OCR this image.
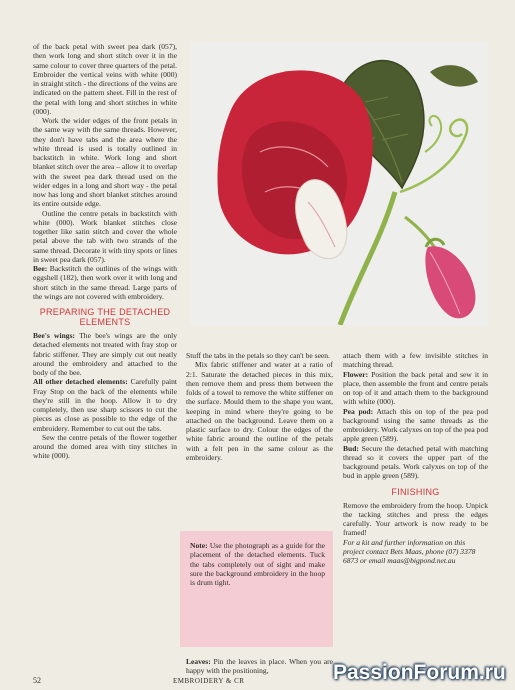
of the back petal with sweet pea dark (057), then work long and short stitch over it in the same colour to cover three quarters of the petal. Embroider the vertical veins with white (000) in straight stitch - the directions of the veins are indicated on the pattern sheet. Fill in the rest of the petal with long and short stitches in white (000).

Work the wider edges of the front petals in the same way with the same threads. However, they don't have tabs and the area where the white thread is used is totally outlined in backstitch in white. Work long and short blanket stitch over the area – allow it to overlap with the sweet pea dark thread used on the wider edges in a long and short way - the petal now has long and short blanket stitches around its entire outside edge.

Outline the centre petals in backstitch with white (000). Work blanket stitches close together like satin stitch and cover the whole petal above the tab with two strands of the same thread. Decorate it with tiny spots or lines in sweet pea dark (057).

Bee: Backstitch the outlines of the wings with eggshell (182), then work over it with long and short stitch in the same thread. Large parts of the wings are not covered with embroidery.

PREPARING THE DETACHED ELEMENTS

Bee's wings: The bee's wings are the only detached elements not treated with fray stop or fabric stiffener. They are simply cut out neatly around the embroidery and attached to the body of the bee.

All other detached elements: Carefully paint Fray Stop on the back of the elements while they're still in the hoop. Allow it to dry completely, then use sharp scissors to cut the pieces as close as possible to the edge of the embroidery. Remember to cut out the tabs.

Sew the centre petals of the flower together around the domed area with tiny stitches in white (000).

Stuff the tabs in the petals so they can't be seen.

Mix fabric stiffener and water at a ratio of 2:1. Saturate the detached pieces in this mix, then remove them and press them between the folds of a towel to remove the white stiffener on the surface. Mould them to the shape you want, keeping in mind where they're going to be attached on the background. Leave them on a plastic surface to dry. Colour the edges of the white fabric around the outline of the petals with a felt pen in the same colour as the embroidery.

Note: Use the photograph as a guide for the placement of the detached elements. Tuck the tabs completely out of sight and make sure the background embroidery in the hoop is drum tight.
Leaves: Pin the leaves in place. When you are happy with the positioning,

attach them with a few invisible stitches in matching thread.

Flower: Position the back petal and sew it in place, then assemble the front and centre petals on top of it and attach them to the background with white (000).

Pea pod: Attach this on top of the pea pod background using the same threads as the embroidery. Work calyxes on top of the pea pod apple green (589).

Bud: Secure the detached petal with matching thread so it covers the upper part of the background petals. Work calyxes on top of the bud in apple green (589).

FINISHING

Remove the embroidery from the hoop. Unpick the tacking stitches and press the edges carefully. Your artwork is now ready to be framed!

For a kit and further information on this project contact Bets Maas, phone (07) 3378 6873 or email maas@bigpond.net.au

52	EMBROIDERY & CR	PassionForum.ru
